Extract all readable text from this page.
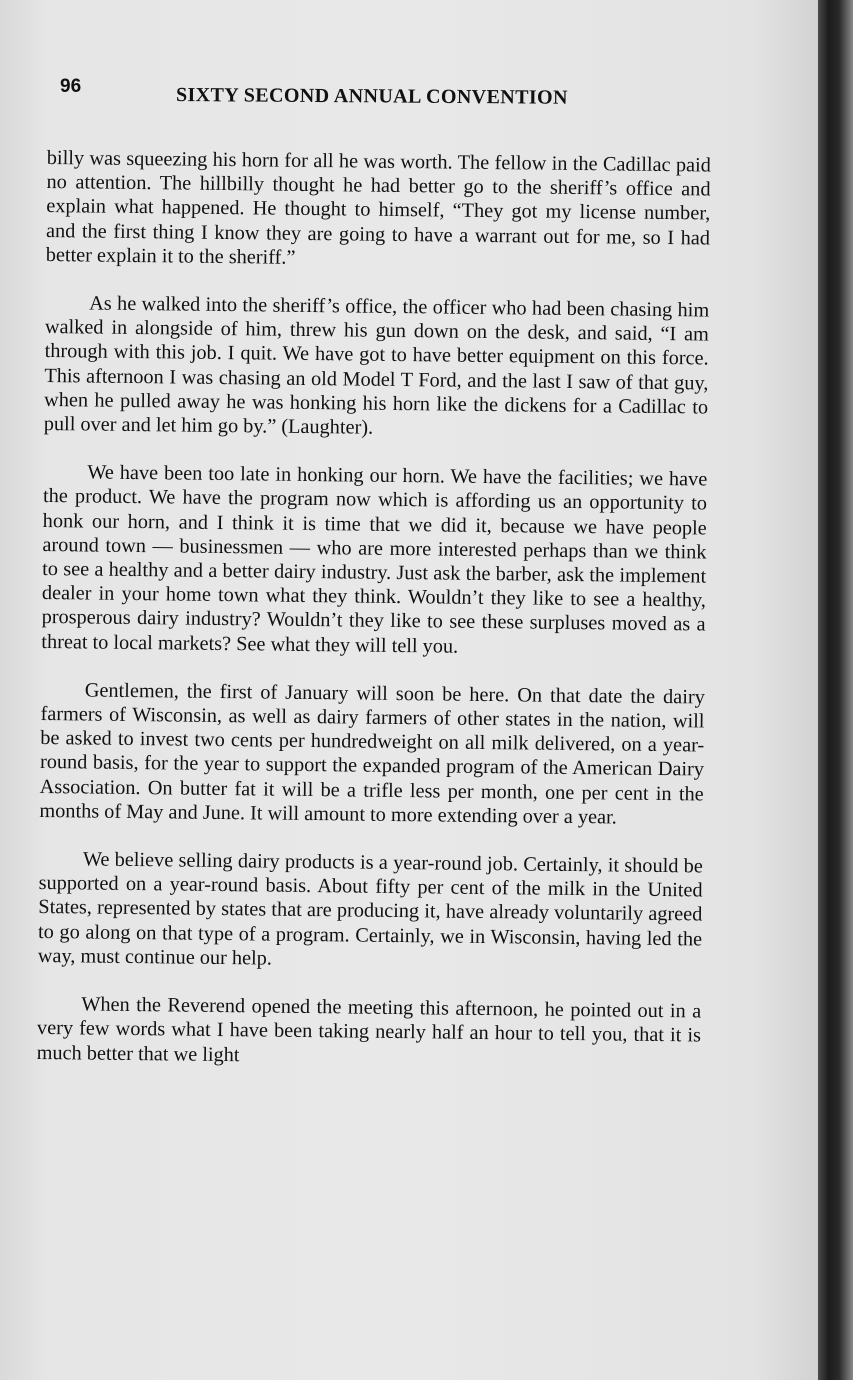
96	SIXTY SECOND ANNUAL CONVENTION

billy was squeezing his horn for all he was worth. The fellow in the Cadillac paid no attention. The hillbilly thought he had better go to the sheriff’s office and explain what happened. He thought to himself, “They got my license number, and the first thing I know they are going to have a warrant out for me, so I had better explain it to the sheriff.”

As he walked into the sheriff’s office, the officer who had been chasing him walked in alongside of him, threw his gun down on the desk, and said, “I am through with this job. I quit. We have got to have better equipment on this force. This afternoon I was chasing an old Model T Ford, and the last I saw of that guy, when he pulled away he was honking his horn like the dickens for a Cadillac to pull over and let him go by.” (Laughter).

We have been too late in honking our horn. We have the facilities; we have the product. We have the program now which is affording us an opportunity to honk our horn, and I think it is time that we did it, because we have people around town — businessmen — who are more interested perhaps than we think to see a healthy and a better dairy industry. Just ask the barber, ask the implement dealer in your home town what they think. Wouldn’t they like to see a healthy, prosperous dairy industry? Wouldn’t they like to see these surpluses moved as a threat to local markets? See what they will tell you.

Gentlemen, the first of January will soon be here. On that date the dairy farmers of Wisconsin, as well as dairy farmers of other states in the nation, will be asked to invest two cents per hundredweight on all milk delivered, on a year-round basis, for the year to support the expanded program of the American Dairy Association. On butter fat it will be a trifle less per month, one per cent in the months of May and June. It will amount to more extending over a year.

We believe selling dairy products is a year-round job. Certainly, it should be supported on a year-round basis. About fifty per cent of the milk in the United States, represented by states that are producing it, have already voluntarily agreed to go along on that type of a program. Certainly, we in Wisconsin, having led the way, must continue our help.

When the Reverend opened the meeting this afternoon, he pointed out in a very few words what I have been taking nearly half an hour to tell you, that it is much better that we light
